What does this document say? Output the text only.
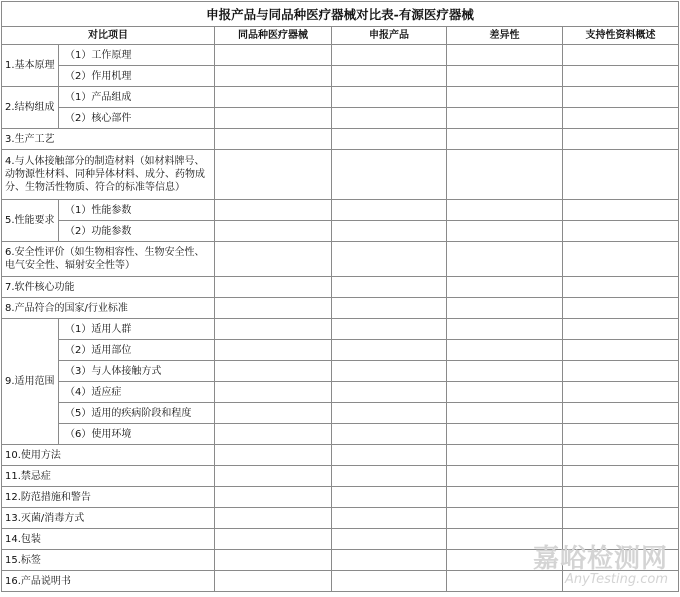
申报产品与同品种医疗器械对比表-有源医疗器械					
对比项目		同品种医疗器械	申报产品	差异性	支持性资料概述
1.基本原理	（1）工作原理				
	（2）作用机理				
2.结构组成	（1）产品组成				
	（2）核心部件				
3.生产工艺					
4.与人体接触部分的制造材料（如材料牌号、动物源性材料、同种异体材料、成分、药物成分、生物活性物质、符合的标准等信息）					
5.性能要求	（1）性能参数				
	（2）功能参数				
6.安全性评价（如生物相容性、生物安全性、电气安全性、辐射安全性等）					
7.软件核心功能					
8.产品符合的国家/行业标准					
9.适用范围	（1）适用人群				
	（2）适用部位				
	（3）与人体接触方式				
	（4）适应症				
	（5）适用的疾病阶段和程度				
	（6）使用环境				
10.使用方法					
11.禁忌症					
12.防范措施和警告					
13.灭菌/消毒方式					
14.包装					
15.标签					
16.产品说明书					
嘉峪检测网
AnyTesting.com
